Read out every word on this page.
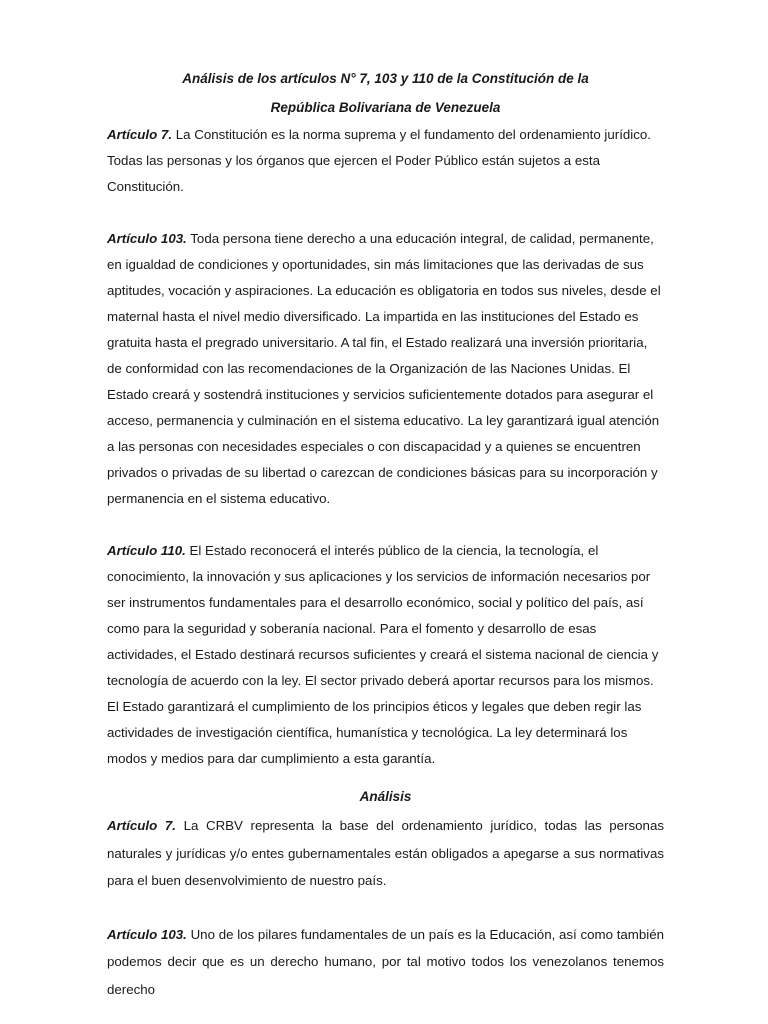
Análisis de los artículos N° 7, 103 y 110 de la Constitución de la

República Bolivariana de Venezuela

Artículo 7. La Constitución es la norma suprema y el fundamento del ordenamiento jurídico. Todas las personas y los órganos que ejercen el Poder Público están sujetos a esta Constitución.

Artículo 103. Toda persona tiene derecho a una educación integral, de calidad, permanente, en igualdad de condiciones y oportunidades, sin más limitaciones que las derivadas de sus aptitudes, vocación y aspiraciones. La educación es obligatoria en todos sus niveles, desde el maternal hasta el nivel medio diversificado. La impartida en las instituciones del Estado es gratuita hasta el pregrado universitario. A tal fin, el Estado realizará una inversión prioritaria, de conformidad con las recomendaciones de la Organización de las Naciones Unidas. El Estado creará y sostendrá instituciones y servicios suficientemente dotados para asegurar el acceso, permanencia y culminación en el sistema educativo. La ley garantizará igual atención a las personas con necesidades especiales o con discapacidad y a quienes se encuentren privados o privadas de su libertad o carezcan de condiciones básicas para su incorporación y permanencia en el sistema educativo.

Artículo 110. El Estado reconocerá el interés público de la ciencia, la tecnología, el conocimiento, la innovación y sus aplicaciones y los servicios de información necesarios por ser instrumentos fundamentales para el desarrollo económico, social y político del país, así como para la seguridad y soberanía nacional. Para el fomento y desarrollo de esas actividades, el Estado destinará recursos suficientes y creará el sistema nacional de ciencia y tecnología de acuerdo con la ley. El sector privado deberá aportar recursos para los mismos. El Estado garantizará el cumplimiento de los principios éticos y legales que deben regir las actividades de investigación científica, humanística y tecnológica. La ley determinará los modos y medios para dar cumplimiento a esta garantía.

Análisis

Artículo 7. La CRBV representa la base del ordenamiento jurídico, todas las personas naturales y jurídicas y/o entes gubernamentales están obligados a apegarse a sus normativas para el buen desenvolvimiento de nuestro país.

Artículo 103. Uno de los pilares fundamentales de un país es la Educación, así como también podemos decir que es un derecho humano, por tal motivo todos los venezolanos tenemos derecho
